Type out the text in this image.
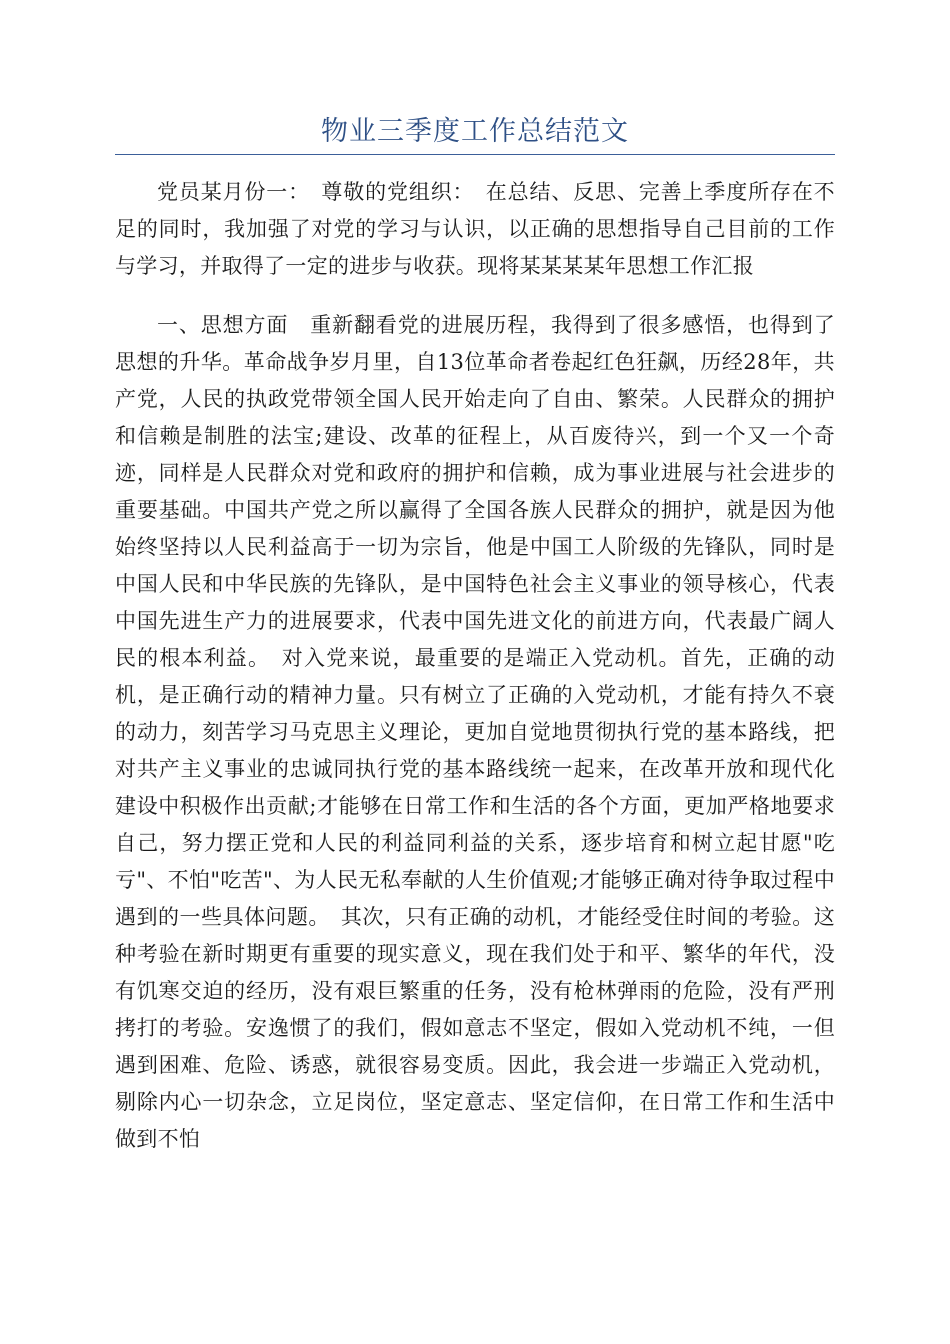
物业三季度工作总结范文

党员某月份一：　尊敬的党组织：　在总结、反思、完善上季度所存在不足的同时，我加强了对党的学习与认识，以正确的思想指导自己目前的工作与学习，并取得了一定的进步与收获。现将某某某某年思想工作汇报

一、思想方面　重新翻看党的进展历程，我得到了很多感悟，也得到了思想的升华。革命战争岁月里，自13位革命者卷起红色狂飙，历经28年，共产党，人民的执政党带领全国人民开始走向了自由、繁荣。人民群众的拥护和信赖是制胜的法宝;建设、改革的征程上，从百废待兴，到一个又一个奇迹，同样是人民群众对党和政府的拥护和信赖，成为事业进展与社会进步的重要基础。中国共产党之所以赢得了全国各族人民群众的拥护，就是因为他始终坚持以人民利益高于一切为宗旨，他是中国工人阶级的先锋队，同时是中国人民和中华民族的先锋队，是中国特色社会主义事业的领导核心，代表中国先进生产力的进展要求，代表中国先进文化的前进方向，代表最广阔人民的根本利益。　对入党来说，最重要的是端正入党动机。首先，正确的动机，是正确行动的精神力量。只有树立了正确的入党动机，才能有持久不衰的动力，刻苦学习马克思主义理论，更加自觉地贯彻执行党的基本路线，把对共产主义事业的忠诚同执行党的基本路线统一起来，在改革开放和现代化建设中积极作出贡献;才能够在日常工作和生活的各个方面，更加严格地要求自己，努力摆正党和人民的利益同利益的关系，逐步培育和树立起甘愿"吃亏"、不怕"吃苦"、为人民无私奉献的人生价值观;才能够正确对待争取过程中遇到的一些具体问题。　其次，只有正确的动机，才能经受住时间的考验。这种考验在新时期更有重要的现实意义，现在我们处于和平、繁华的年代，没有饥寒交迫的经历，没有艰巨繁重的任务，没有枪林弹雨的危险，没有严刑拷打的考验。安逸惯了的我们，假如意志不坚定，假如入党动机不纯，一但遇到困难、危险、诱惑，就很容易变质。因此，我会进一步端正入党动机，剔除内心一切杂念，立足岗位，坚定意志、坚定信仰，在日常工作和生活中做到不怕
